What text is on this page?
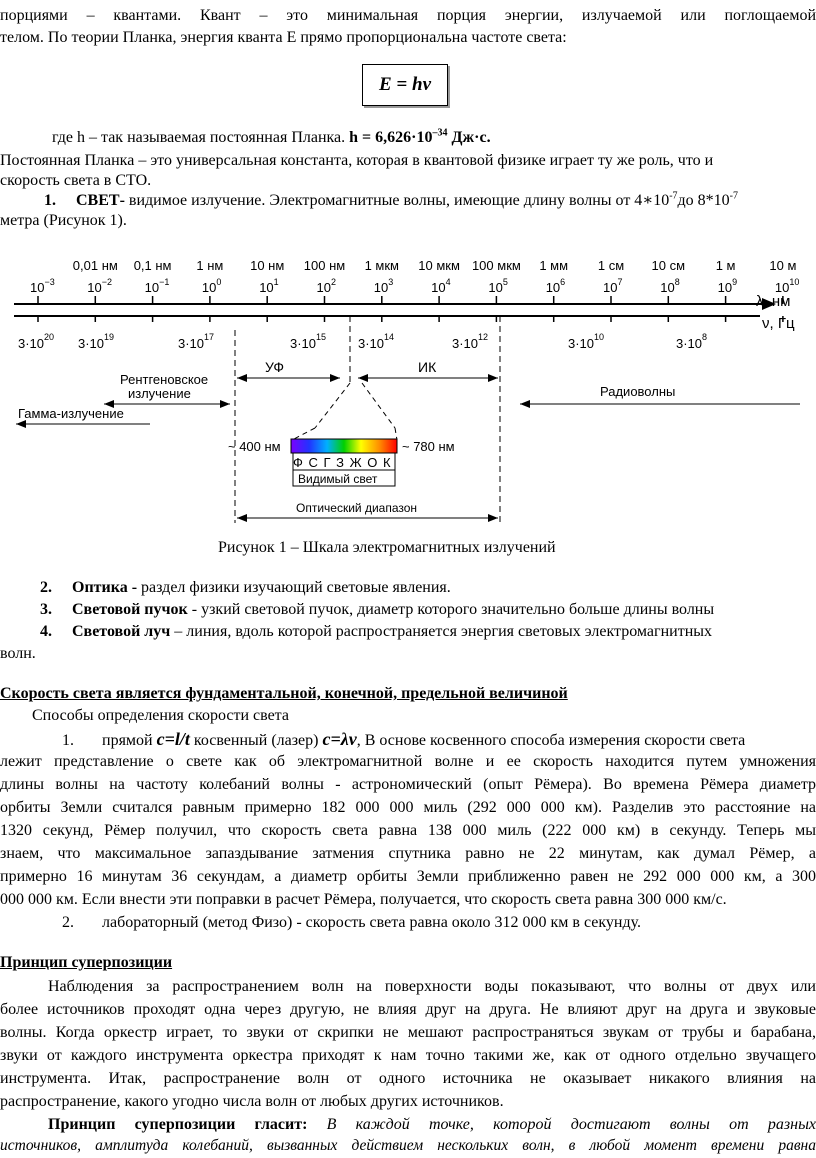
порциями – квантами. Квант – это минимальная порция энергии, излучаемой или поглощаемой
телом. По теории Планка, энергия кванта Е прямо пропорциональна частоте света:
E = hν
где h – так называемая постоянная Планка. $h = 6,626\cdot 10^{-34}$ Дж·с.
Постоянная Планка – это универсальная константа, которая в квантовой физике играет ту же роль, что и
скорость света в СТО.
1. СВЕТ- видимое излучение. Электромагнитные волны, имеющие длину волны от $4∗10^{-7}до$ $8*10^{-7}$
метра (Рисунок 1).
0,01 нм 0,1 нм 1 нм 10 нм 100 нм 1 мкм 10 мкм 100 мкм 1 мм 1 см 10 см 1 м	10 м
$10^{-3}$	$10^{-2}$	$10^{-1}$	$10^0$	$10^1$	$10^2$	$10^3$	$10^4$	$10^5$	$10^6$	$10^7$	$10^8$	$10^9$	$10^{10}$
λ, нм
ν, Гц
$3\cdot 10^{20}$ $3\cdot 10^{19}$	$3\cdot 10^{17}$	$3\cdot 10^{15}$ $3\cdot 10^{14}$	$3\cdot 10^{12}$	$3\cdot 10^{10}$	$3\cdot 10^8$
УФ	ИК
Рентгеновское
излучение	Радиоволны
Гамма-излучение
~ 400 нм	~ 780 нм
Ф С Г З Ж О К
Видимый свет
Оптический диапазон
Рисунок 1 – Шкала электромагнитных излучений
2. Оптика - раздел физики изучающий световые явления.
3. Световой пучок - узкий световой пучок, диаметр которого значительно больше длины волны
4. Световой луч – линия, вдоль которой распространяется энергия световых электромагнитных
волн.
Скорость света является фундаментальной, конечной, предельной величиной
Способы определения скорости света
1. прямой c=l/t косвенный (лазер) c=λν, В основе косвенного способа измерения скорости света
лежит представление о свете как об электромагнитной волне и ее скорость находится путем умножения
длины волны на частоту колебаний волны - астрономический (опыт Рёмера). Во времена Рёмера диаметр
орбиты Земли считался равным примерно 182 000 000 миль (292 000 000 км). Разделив это расстояние на
1320 секунд, Рёмер получил, что скорость света равна 138 000 миль (222 000 км) в секунду. Теперь мы
знаем, что максимальное запаздывание затмения спутника равно не 22 минутам, как думал Рёмер, а
примерно 16 минутам 36 секундам, а диаметр орбиты Земли приближенно равен не 292 000 000 км, а 300
000 000 км. Если внести эти поправки в расчет Рёмера, получается, что скорость света равна 300 000 км/с.
2. лабораторный (метод Физо) - скорость света равна около 312 000 км в секунду.
Принцип суперпозиции
Наблюдения за распространением волн на поверхности воды показывают, что волны от двух или
более источников проходят одна через другую, не влияя друг на друга. Не влияют друг на друга и звуковые
волны. Когда оркестр играет, то звуки от скрипки не мешают распространяться звукам от трубы и барабана,
звуки от каждого инструмента оркестра приходят к нам точно такими же, как от одного отдельно звучащего
инструмента. Итак, распространение волн от одного источника не оказывает никакого влияния на
распространение, какого угодно числа волн от любых других источников.
Принцип суперпозиции гласит: В каждой точке, которой достигают волны от разных
источников, амплитуда колебаний, вызванных действием нескольких волн, в любой момент времени равна
